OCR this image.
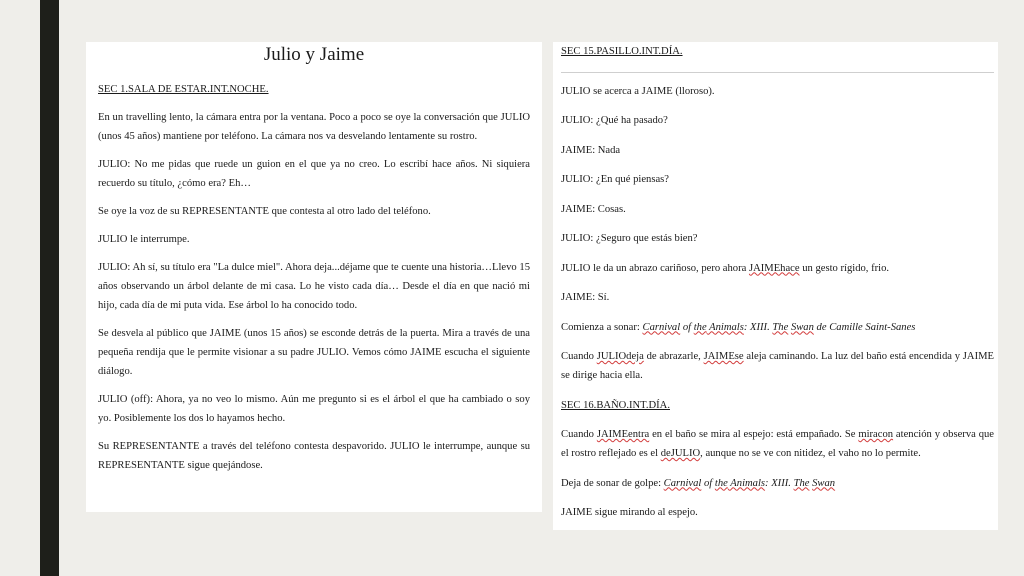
Julio y Jaime
SEC 1.SALA DE ESTAR.INT.NOCHE.
En un travelling lento, la cámara entra por la ventana. Poco a poco se oye la conversación que JULIO (unos 45 años) mantiene por teléfono. La cámara nos va desvelando lentamente su rostro.
JULIO: No me pidas que ruede un guion en el que ya no creo. Lo escribí hace años. Ni siquiera recuerdo su título, ¿cómo era? Eh…
Se oye la voz de su REPRESENTANTE que contesta al otro lado del teléfono.
JULIO le interrumpe.
JULIO: Ah sí, su título era "La dulce miel". Ahora deja...déjame que te cuente una historia…Llevo 15 años observando un árbol delante de mi casa. Lo he visto cada día… Desde el día en que nació mi hijo, cada día de mi puta vida. Ese árbol lo ha conocido todo.
Se desvela al público que JAIME (unos 15 años) se esconde detrás de la puerta. Mira a través de una pequeña rendija que le permite visionar a su padre JULIO. Vemos cómo JAIME escucha el siguiente diálogo.
JULIO (off): Ahora, ya no veo lo mismo. Aún me pregunto si es el árbol el que ha cambiado o soy yo. Posiblemente los dos lo hayamos hecho.
Su REPRESENTANTE a través del teléfono contesta despavorido. JULIO le interrumpe, aunque su REPRESENTANTE sigue quejándose.
SEC 15.PASILLO.INT.DÍA.
JULIO se acerca a JAIME (lloroso).
JULIO: ¿Qué ha pasado?
JAIME: Nada
JULIO: ¿En qué piensas?
JAIME: Cosas.
JULIO: ¿Seguro que estás bien?
JULIO le da un abrazo cariñoso, pero ahora JAIMEhace un gesto rígido, frio.
JAIME: Sí.
Comienza a sonar: Carnival of the Animals: XIII. The Swan de Camille Saint-Sanes
Cuando JULIOdeja de abrazarle, JAIMEse aleja caminando. La luz del baño está encendida y JAIME se dirige hacia ella.
SEC 16.BAÑO.INT.DÍA.
Cuando JAIMEentra en el baño se mira al espejo: está empañado. Se miracon atención y observa que el rostro reflejado es el deJULIO, aunque no se ve con nitidez, el vaho no lo permite.
Deja de sonar de golpe: Carnival of the Animals: XIII. The Swan
JAIME sigue mirando al espejo.
